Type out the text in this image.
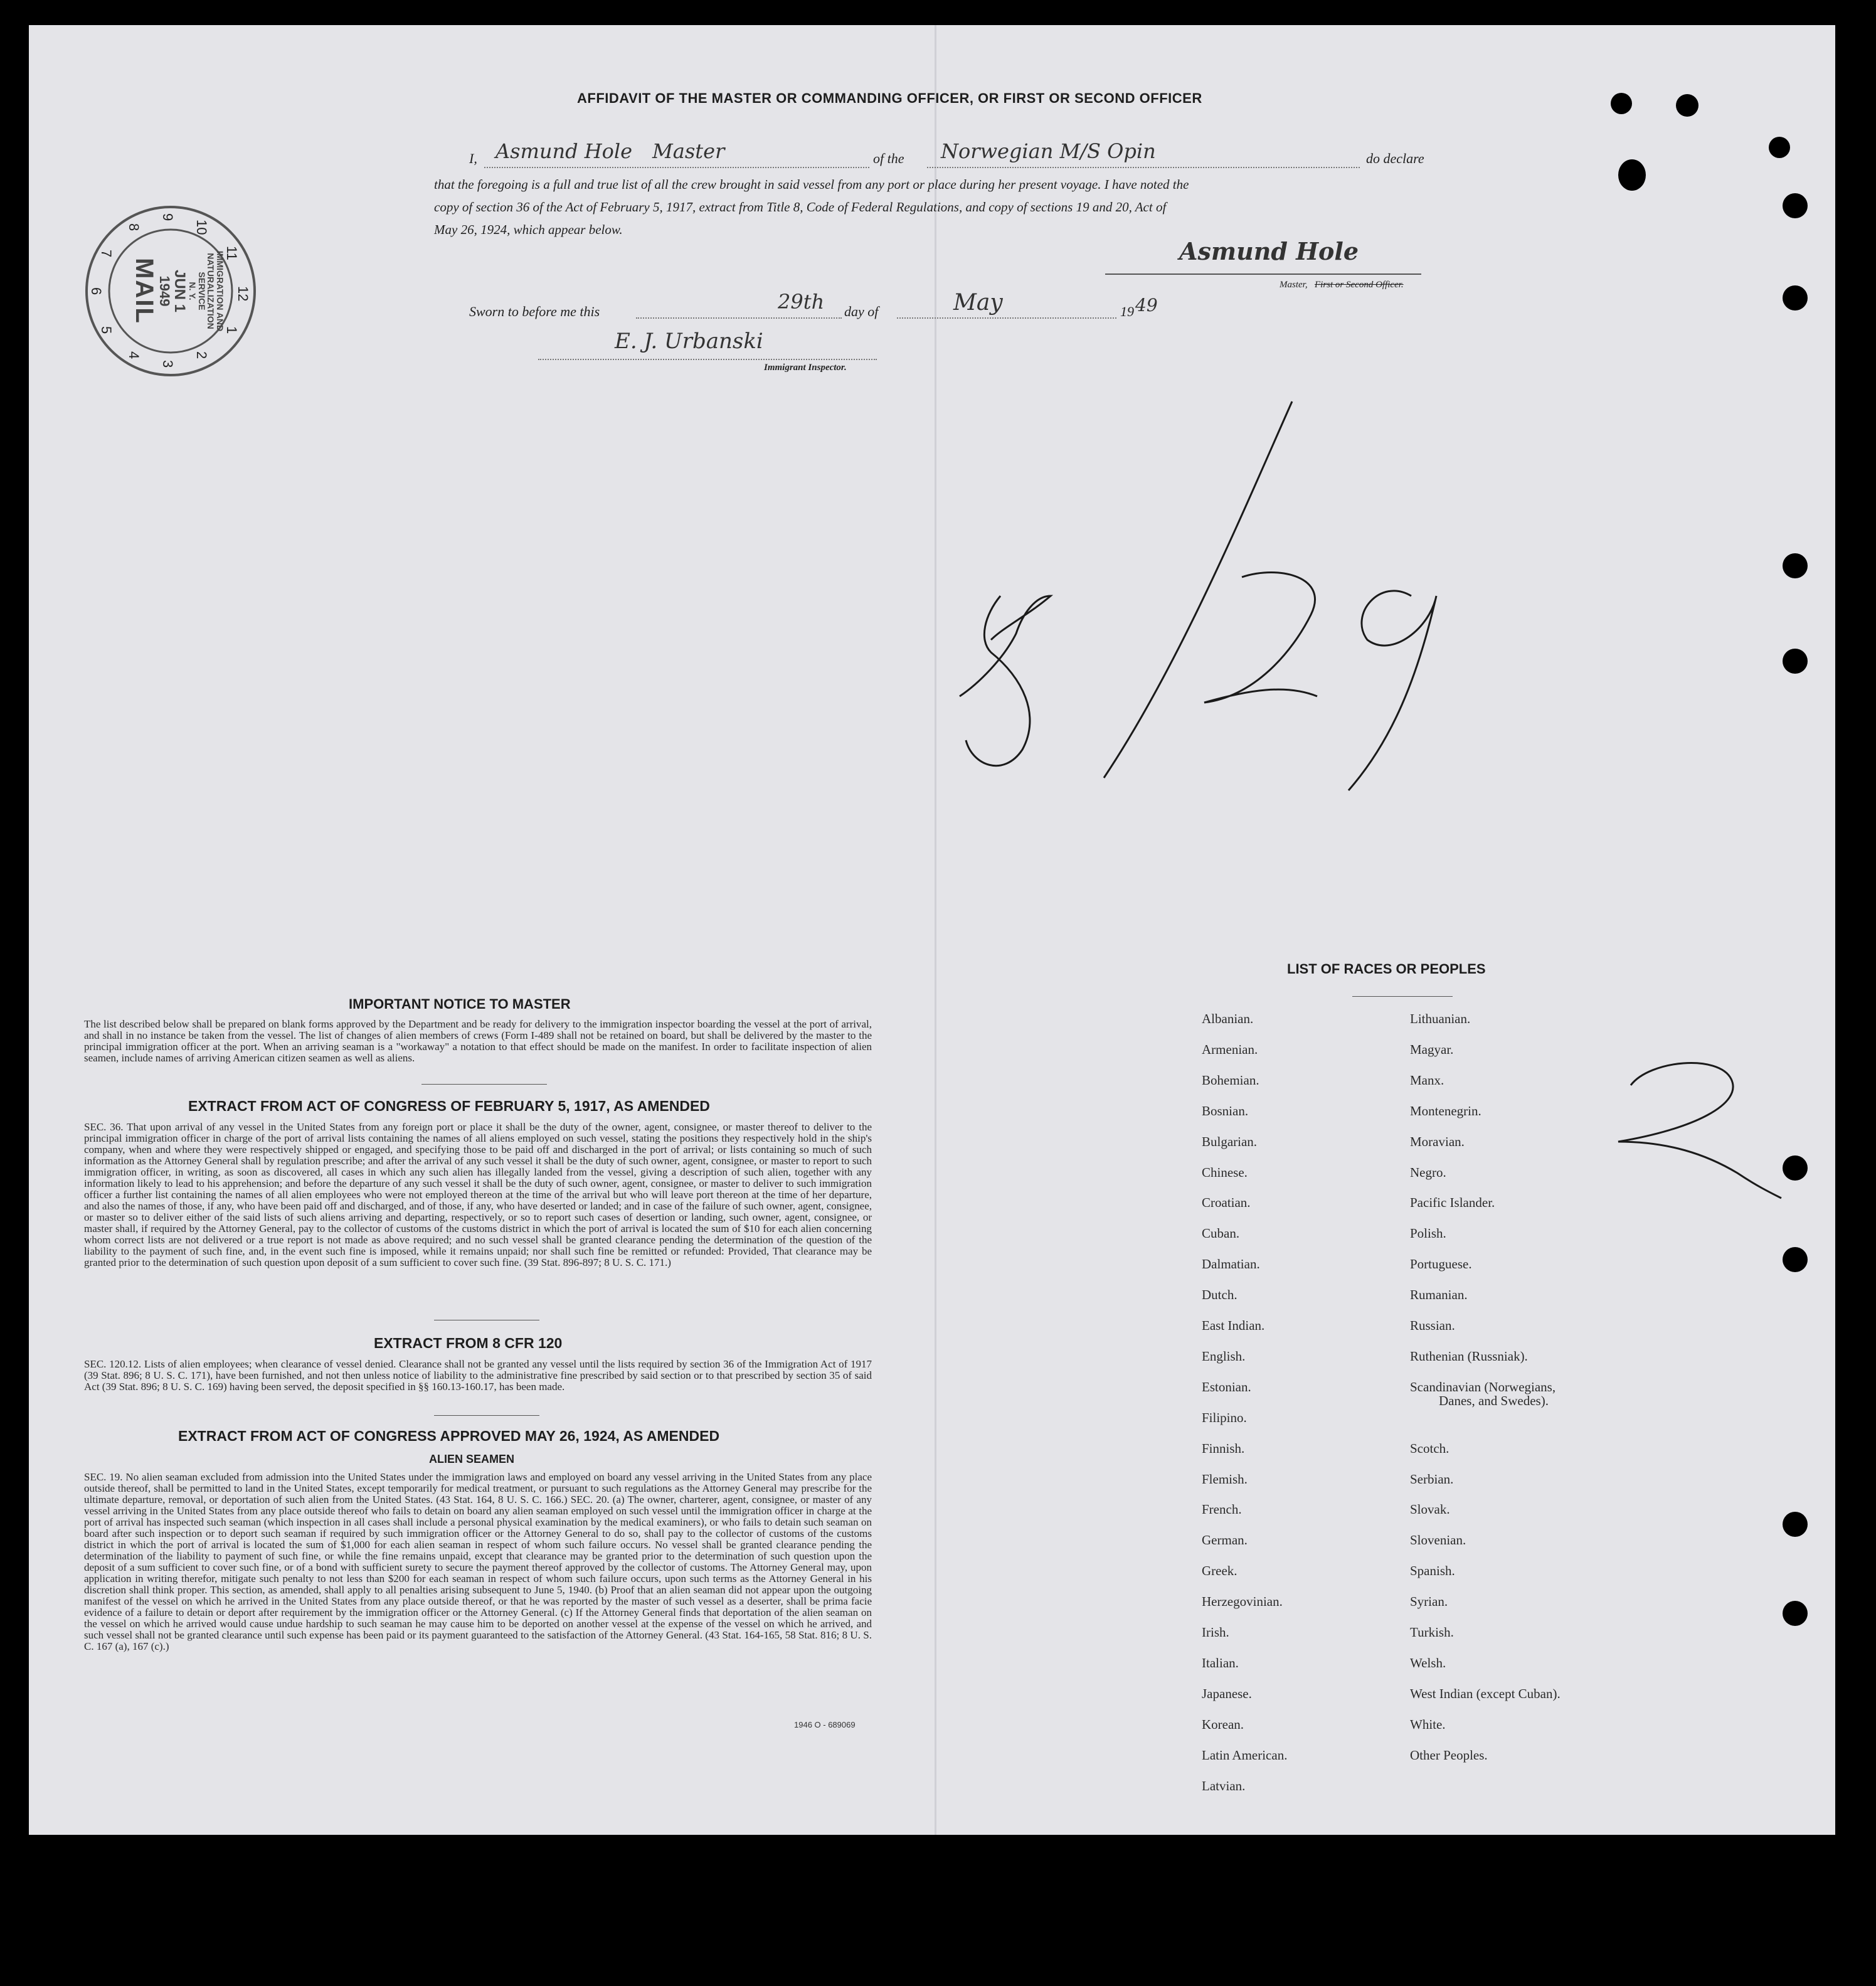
AFFIDAVIT OF THE MASTER OR COMMANDING OFFICER, OR FIRST OR SECOND OFFICER
I, Asmund Hole Master	of the Norwegian M/S Opin	do declare
that the foregoing is a full and true list of all the crew brought in said vessel from any port or place during her present voyage. I have noted the
copy of section 36 of the Act of February 5, 1917, extract from Title 8, Code of Federal Regulations, and copy of sections 19 and 20, Act of
May 26, 1924, which appear below.
Asmund Hole
Master, First or Second Officer.
Sworn to before me this	29th day of	May	19 49
E. J. Urbanski
Immigrant Inspector.
12
1
2
3
4
5
6
7
8
9
10
11
IMMIGRATION AND
NATURALIZATION
SERVICE
N. Y.
JUN 1
1949
MAIL
IMPORTANT NOTICE TO MASTER
The list described below shall be prepared on blank forms approved by the Department and be ready for delivery to the immigration inspector boarding the vessel at the port of arrival, and shall in no instance be taken from the vessel. The list of changes of alien members of crews (Form I-489 shall not be retained on board, but shall be delivered by the master to the principal immigration officer at the port. When an arriving seaman is a "workaway" a notation to that effect should be made on the manifest. In order to facilitate inspection of alien seamen, include names of arriving American citizen seamen as well as aliens.
EXTRACT FROM ACT OF CONGRESS OF FEBRUARY 5, 1917, AS AMENDED
SEC. 36. That upon arrival of any vessel in the United States from any foreign port or place it shall be the duty of the owner, agent, consignee, or master thereof to deliver to the principal immigration officer in charge of the port of arrival lists containing the names of all aliens employed on such vessel, stating the positions they respectively hold in the ship's company, when and where they were respectively shipped or engaged, and specifying those to be paid off and discharged in the port of arrival; or lists containing so much of such information as the Attorney General shall by regulation prescribe; and after the arrival of any such vessel it shall be the duty of such owner, agent, consignee, or master to report to such immigration officer, in writing, as soon as discovered, all cases in which any such alien has illegally landed from the vessel, giving a description of such alien, together with any information likely to lead to his apprehension; and before the departure of any such vessel it shall be the duty of such owner, agent, consignee, or master to deliver to such immigration officer a further list containing the names of all alien employees who were not employed thereon at the time of the arrival but who will leave port thereon at the time of her departure, and also the names of those, if any, who have been paid off and discharged, and of those, if any, who have deserted or landed; and in case of the failure of such owner, agent, consignee, or master so to deliver either of the said lists of such aliens arriving and departing, respectively, or so to report such cases of desertion or landing, such owner, agent, consignee, or master shall, if required by the Attorney General, pay to the collector of customs of the customs district in which the port of arrival is located the sum of $10 for each alien concerning whom correct lists are not delivered or a true report is not made as above required; and no such vessel shall be granted clearance pending the determination of the question of the liability to the payment of such fine, and, in the event such fine is imposed, while it remains unpaid; nor shall such fine be remitted or refunded: Provided, That clearance may be granted prior to the determination of such question upon deposit of a sum sufficient to cover such fine. (39 Stat. 896-897; 8 U. S. C. 171.)
EXTRACT FROM 8 CFR 120
SEC. 120.12. Lists of alien employees; when clearance of vessel denied. Clearance shall not be granted any vessel until the lists required by section 36 of the Immigration Act of 1917 (39 Stat. 896; 8 U. S. C. 171), have been furnished, and not then unless notice of liability to the administrative fine prescribed by said section or to that prescribed by section 35 of said Act (39 Stat. 896; 8 U. S. C. 169) having been served, the deposit specified in §§ 160.13-160.17, has been made.
EXTRACT FROM ACT OF CONGRESS APPROVED MAY 26, 1924, AS AMENDED
ALIEN SEAMEN
SEC. 19. No alien seaman excluded from admission into the United States under the immigration laws and employed on board any vessel arriving in the United States from any place outside thereof, shall be permitted to land in the United States, except temporarily for medical treatment, or pursuant to such regulations as the Attorney General may prescribe for the ultimate departure, removal, or deportation of such alien from the United States. (43 Stat. 164, 8 U. S. C. 166.) SEC. 20. (a) The owner, charterer, agent, consignee, or master of any vessel arriving in the United States from any place outside thereof who fails to detain on board any alien seaman employed on such vessel until the immigration officer in charge at the port of arrival has inspected such seaman (which inspection in all cases shall include a personal physical examination by the medical examiners), or who fails to detain such seaman on board after such inspection or to deport such seaman if required by such immigration officer or the Attorney General to do so, shall pay to the collector of customs of the customs district in which the port of arrival is located the sum of $1,000 for each alien seaman in respect of whom such failure occurs. No vessel shall be granted clearance pending the determination of the liability to payment of such fine, or while the fine remains unpaid, except that clearance may be granted prior to the determination of such question upon the deposit of a sum sufficient to cover such fine, or of a bond with sufficient surety to secure the payment thereof approved by the collector of customs. The Attorney General may, upon application in writing therefor, mitigate such penalty to not less than $200 for each seaman in respect of whom such failure occurs, upon such terms as the Attorney General in his discretion shall think proper. This section, as amended, shall apply to all penalties arising subsequent to June 5, 1940. (b) Proof that an alien seaman did not appear upon the outgoing manifest of the vessel on which he arrived in the United States from any place outside thereof, or that he was reported by the master of such vessel as a deserter, shall be prima facie evidence of a failure to detain or deport after requirement by the immigration officer or the Attorney General. (c) If the Attorney General finds that deportation of the alien seaman on the vessel on which he arrived would cause undue hardship to such seaman he may cause him to be deported on another vessel at the expense of the vessel on which he arrived, and such vessel shall not be granted clearance until such expense has been paid or its payment guaranteed to the satisfaction of the Attorney General. (43 Stat. 164-165, 58 Stat. 816; 8 U. S. C. 167 (a), 167 (c).)
1946 O - 689069
LIST OF RACES OR PEOPLES
Albanian.
Armenian.
Bohemian.
Bosnian.
Bulgarian.
Chinese.
Croatian.
Cuban.
Dalmatian.
Dutch.
East Indian.
English.
Estonian.
Filipino.
Finnish.
Flemish.
French.
German.
Greek.
Herzegovinian.
Irish.
Italian.
Japanese.
Korean.
Latin American.
Latvian.
Lithuanian.
Magyar.
Manx.
Montenegrin.
Moravian.
Negro.
Pacific Islander.
Polish.
Portuguese.
Rumanian.
Russian.
Ruthenian (Russniak).
Scandinavian (Norwegians,
Danes, and Swedes).
Scotch.
Serbian.
Slovak.
Slovenian.
Spanish.
Syrian.
Turkish.
Welsh.
West Indian (except Cuban).
White.
Other Peoples.
